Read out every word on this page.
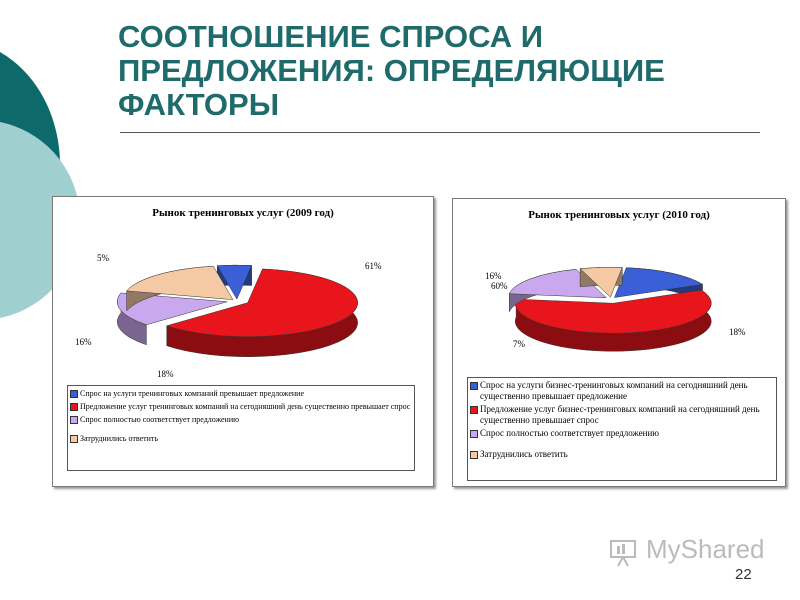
СООТНОШЕНИЕ СПРОСА И
ПРЕДЛОЖЕНИЯ: ОПРЕДЕЛЯЮЩИЕ
ФАКТОРЫ
Рынок тренинговых услуг (2009 год)
5%
61%
16%
18%
Спрос на услуги тренинговых компаний превышает предложение
Предложение услуг тренинговых компаний на сегодняшний день существенно превышает спрос
Спрос полностью соответствует предложению
Затруднились ответить
Рынок тренинговых услуг (2010 год)
16%
60%
18%
7%
Спрос на услуги бизнес-тренинговых компаний на сегодняшний день существенно превышает предложение
Предложение услуг бизнес-тренинговых компаний на сегодняшний день существенно превышает спрос
Спрос полностью соответствует предложению
Затруднились ответить
MyShared
22
